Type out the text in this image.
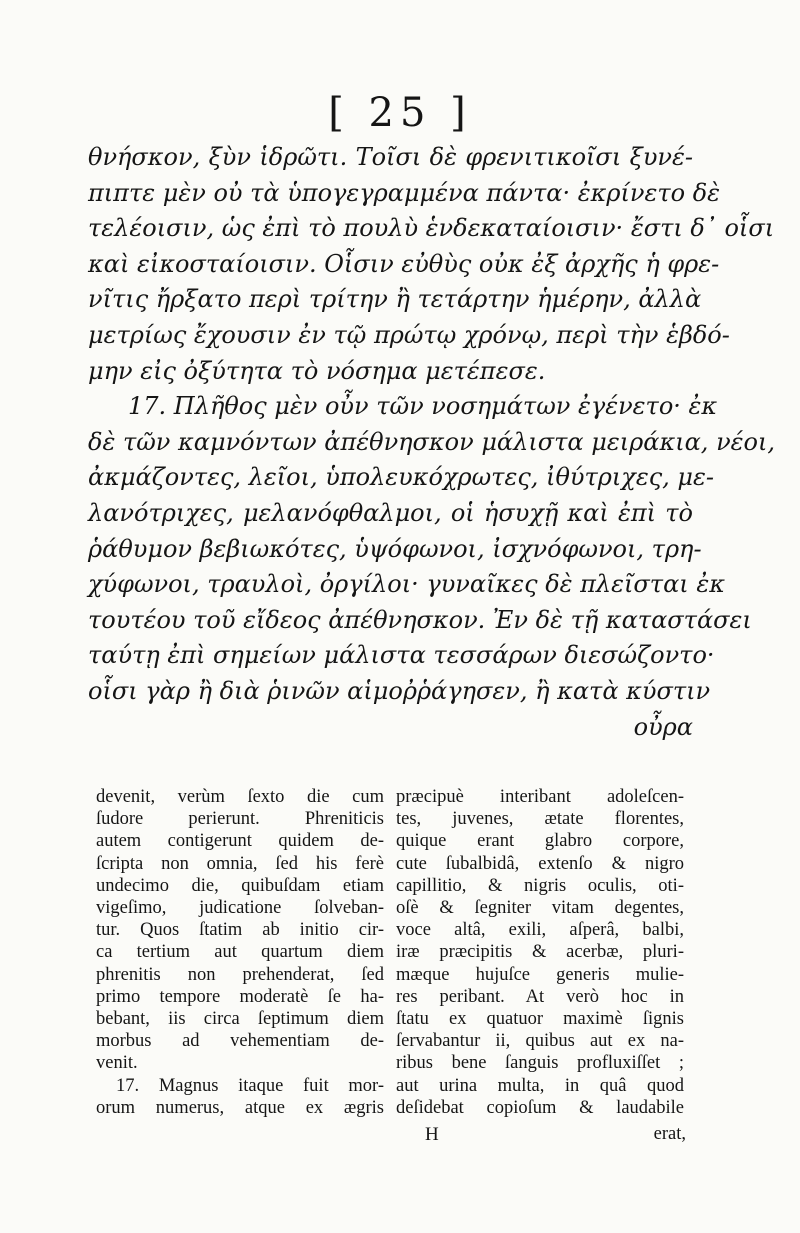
[ 25 ]
θνήσκον, ξὺν ἱδρῶτι. Τοῖσι δὲ φρενιτικοῖσι ξυνέ-
πιπτε μὲν οὐ τὰ ὑπογεγραμμένα πάντα· ἐκρίνετο δὲ
τελέοισιν, ὡς ἐπὶ τὸ πουλὺ ἑνδεκαταίοισιν· ἔστι δ᾽ οἷσι
καὶ εἰκοσταίοισιν. Οἷσιν εὐθὺς οὐκ ἐξ ἀρχῆς ἡ φρε-
νῖτις ἤρξατο περὶ τρίτην ἢ τετάρτην ἡμέρην, ἀλλὰ
μετρίως ἔχουσιν ἐν τῷ πρώτῳ χρόνῳ, περὶ τὴν ἑβδό-
μην εἰς ὀξύτητα τὸ νόσημα μετέπεσε.
17. Πλῆθος μὲν οὖν τῶν νοσημάτων ἐγένετο· ἐκ
δὲ τῶν καμνόντων ἀπέθνησκον μάλιστα μειράκια, νέοι,
ἀκμάζοντες, λεῖοι, ὑπολευκόχρωτες, ἰθύτριχες, με-
λανότριχες, μελανόφθαλμοι, οἱ ἡσυχῇ καὶ ἐπὶ τὸ
ῥάθυμον βεβιωκότες, ὑψόφωνοι, ἰσχνόφωνοι, τρη-
χύφωνοι, τραυλοὶ, ὀργίλοι· γυναῖκες δὲ πλεῖσται ἐκ
τουτέου τοῦ εἴδεος ἀπέθνησκον. Ἐν δὲ τῇ καταστάσει
ταύτῃ ἐπὶ σημείων μάλιστα τεσσάρων διεσώζοντο·
οἷσι γὰρ ἢ διὰ ῥινῶν αἱμοῤῥάγησεν, ἢ κατὰ κύστιν
οὖρα
devenit, verùm ſexto die cum
ſudore perierunt. Phreniticis
autem contigerunt quidem de-
ſcripta non omnia, ſed his ferè
undecimo die, quibuſdam etiam
vigeſimo, judicatione ſolveban-
tur. Quos ſtatim ab initio cir-
ca tertium aut quartum diem
phrenitis non prehenderat, ſed
primo tempore moderatè ſe ha-
bebant, iis circa ſeptimum diem
morbus ad vehementiam de-
venit.
17. Magnus itaque fuit mor-
orum numerus, atque ex ægris
præcipuè interibant adoleſcen-
tes, juvenes, ætate florentes,
quique erant glabro corpore,
cute ſubalbidâ, extenſo & nigro
capillitio, & nigris oculis, oti-
oſè & ſegniter vitam degentes,
voce altâ, exili, aſperâ, balbi,
iræ præcipitis & acerbæ, pluri-
mæque hujuſce generis mulie-
res peribant. At verò hoc in
ſtatu ex quatuor maximè ſignis
ſervabantur ii, quibus aut ex na-
ribus bene ſanguis profluxiſſet ;
aut urina multa, in quâ quod
deſidebat copioſum & laudabile
H	erat,
